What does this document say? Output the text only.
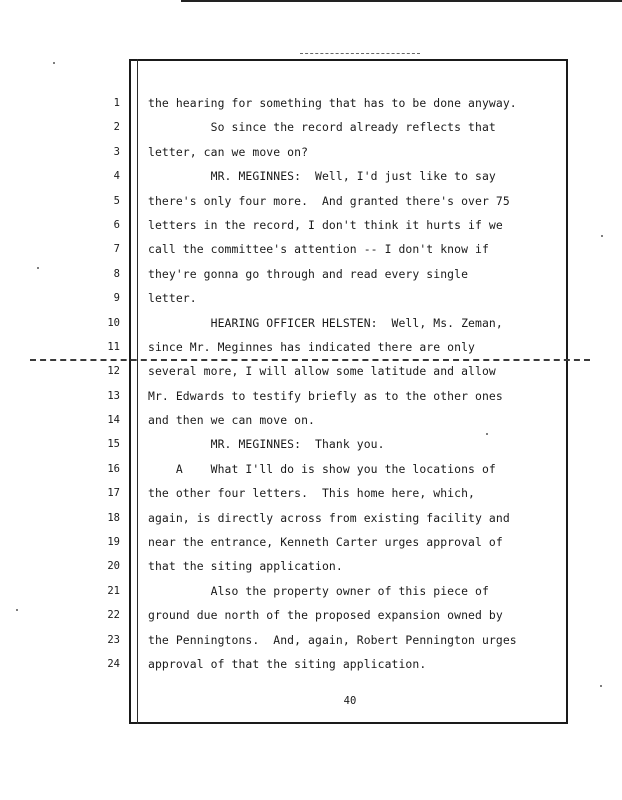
1
2
3
4
5
6
7
8
9
10
11
12
13
14
15
16
17
18
19
20
21
22
23
24
the hearing for something that has to be done anyway.
So since the record already reflects that
letter, can we move on?
MR. MEGINNES:  Well, I'd just like to say
there's only four more.  And granted there's over 75
letters in the record, I don't think it hurts if we
call the committee's attention -- I don't know if
they're gonna go through and read every single
letter.
HEARING OFFICER HELSTEN:  Well, Ms. Zeman,
since Mr. Meginnes has indicated there are only
several more, I will allow some latitude and allow
Mr. Edwards to testify briefly as to the other ones
and then we can move on.
MR. MEGINNES:  Thank you.
A    What I'll do is show you the locations of
the other four letters.  This home here, which,
again, is directly across from existing facility and
near the entrance, Kenneth Carter urges approval of
that the siting application.
Also the property owner of this piece of
ground due north of the proposed expansion owned by
the Penningtons.  And, again, Robert Pennington urges
approval of that the siting application.
40
